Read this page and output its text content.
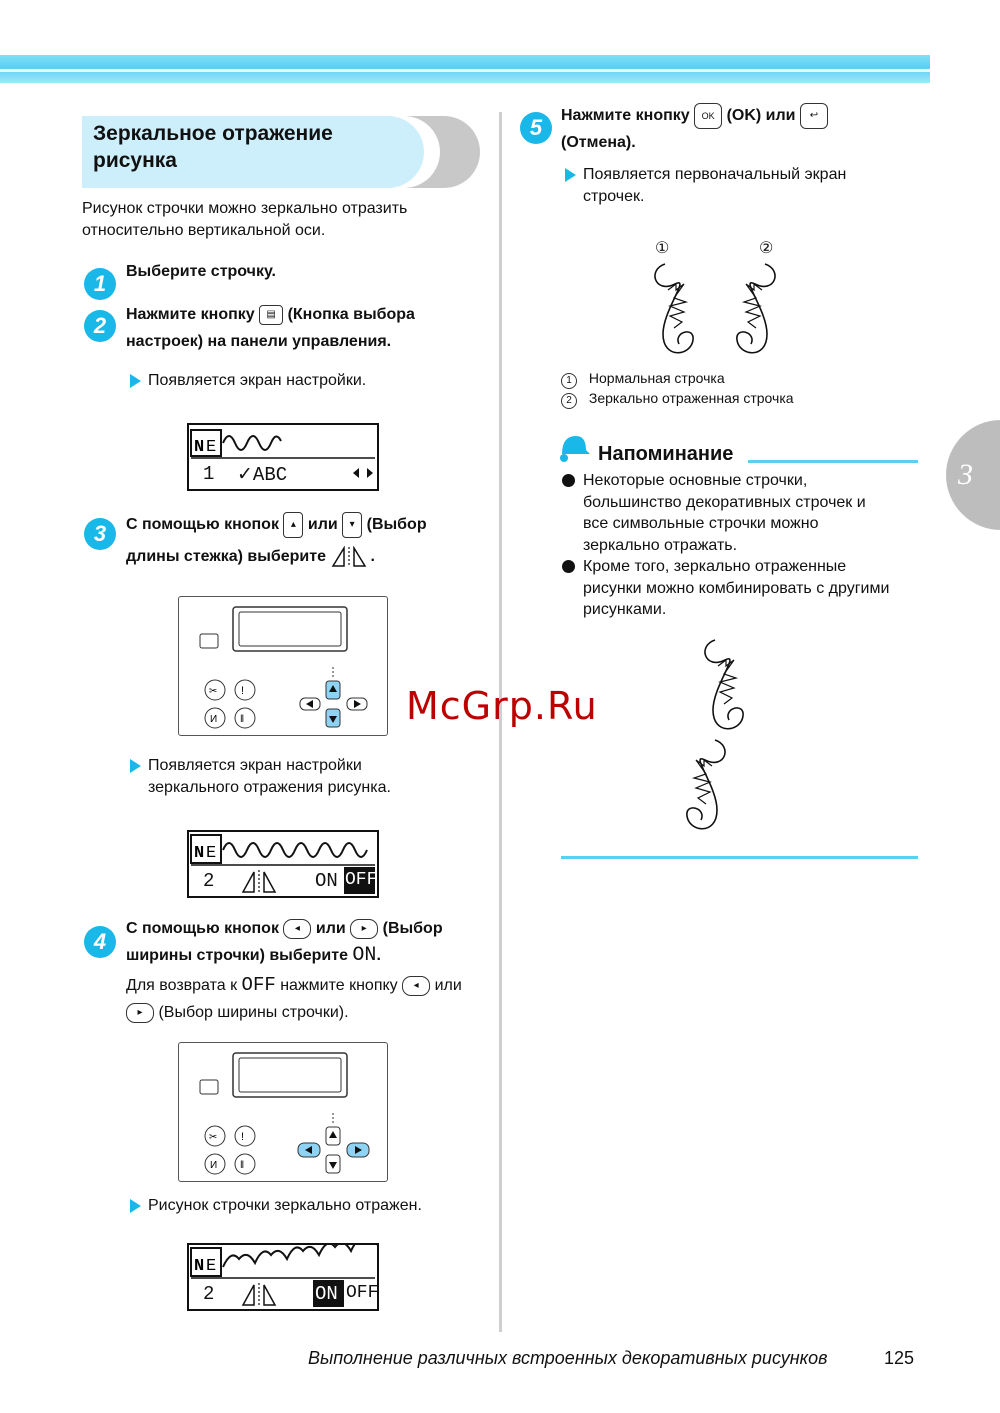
Зеркальное отражение
рисунка
Рисунок строчки можно зеркально отразить
относительно вертикальной оси.
1	Выберите строчку.
2	Нажмите кнопку ▤ (Кнопка выбора
настроек) на панели управления.
Появляется экран настройки.
N E
1 ✓ABC
3	С помощью кнопок ▴ или ▾ (Выбор
длины стежка) выберите	.
✂ !
И ‖
Появляется экран настройки
зеркального отражения рисунка.
N E
2	ON OFF
4
С помощью кнопок ◂ или ▸ (Выбор
ширины строчки) выберите ON.
Для возврата к OFF нажмите кнопку ◂ или
▸ (Выбор ширины строчки).
✂ !
И ‖
Рисунок строчки зеркально отражен.
N E
2	ON OFF
5	Нажмите кнопку OK (OK) или ↩
(Отмена).
Появляется первоначальный экран
строчек.
①	②
1 Нормальная строчка
2 Зеркально отраженная строчка
Напоминание
Некоторые основные строчки,
большинство декоративных строчек и
все символьные строчки можно
зеркально отражать.
Кроме того, зеркально отраженные
рисунки можно комбинировать с другими
рисунками.
3
McGrp.Ru
Выполнение различных встроенных декоративных рисунков	125
